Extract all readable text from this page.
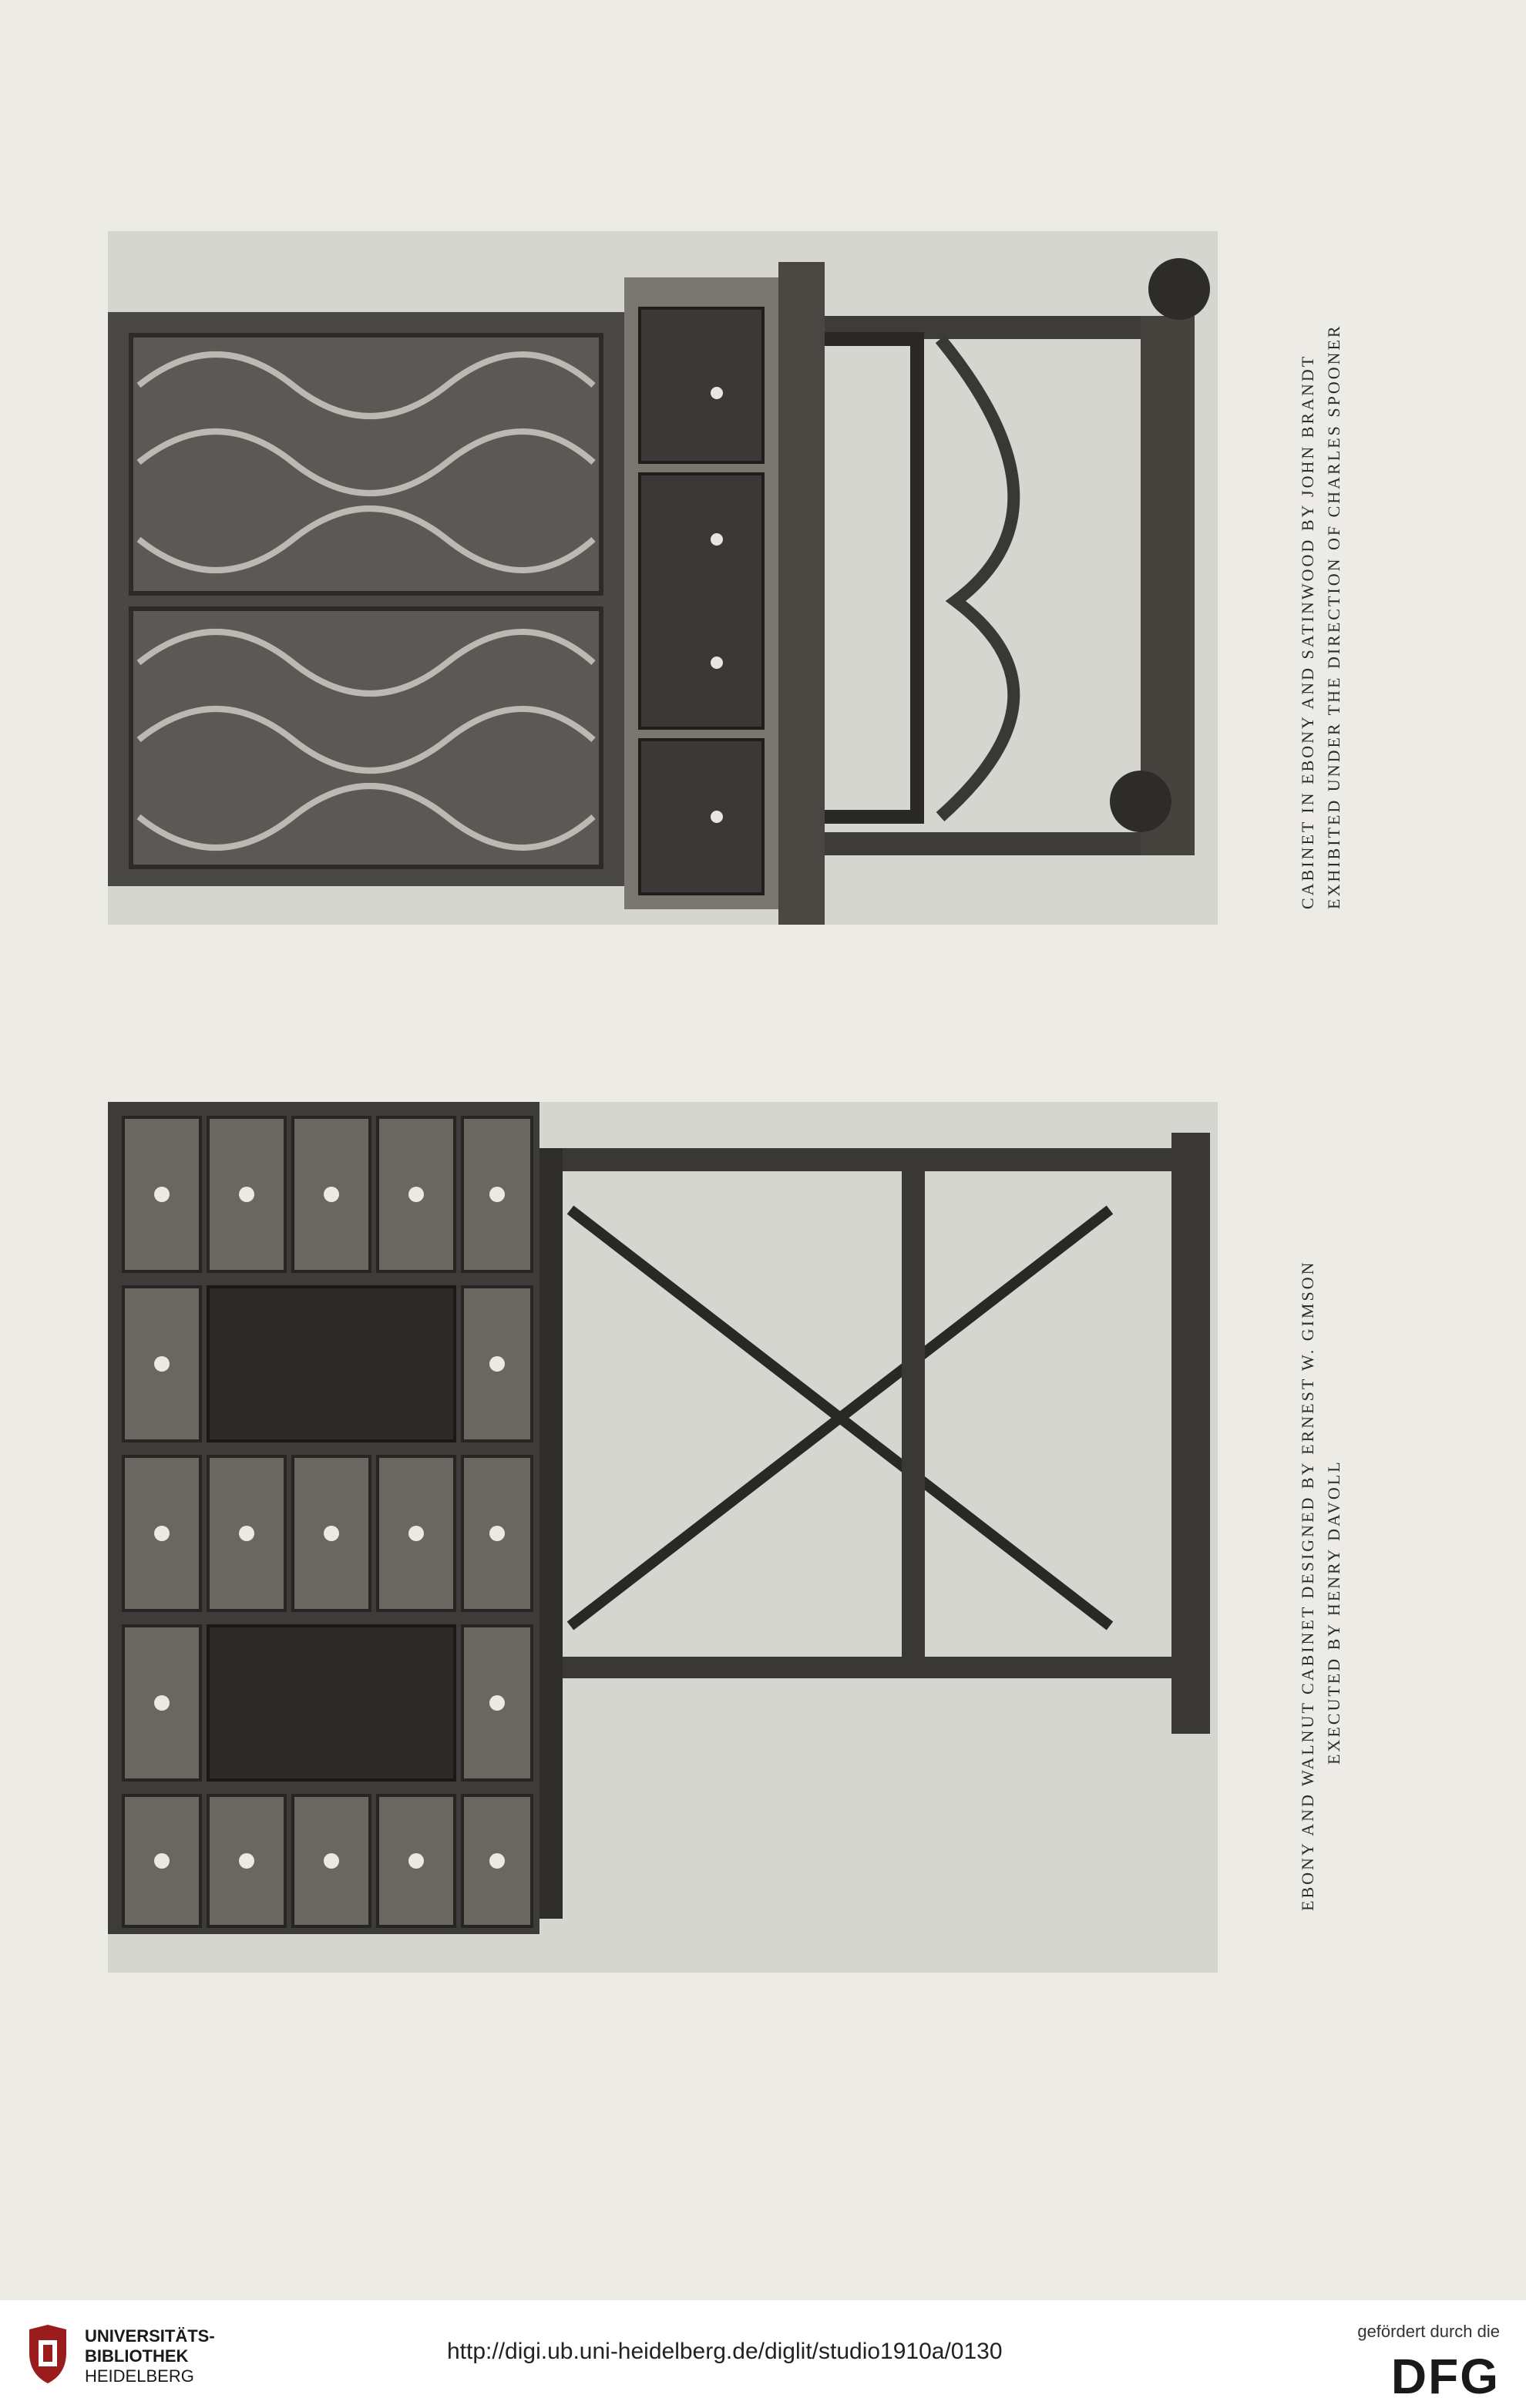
CABINET IN EBONY AND SATINWOOD BY JOHN BRANDT EXHIBITED UNDER THE DIRECTION OF CHARLES SPOONER
EBONY AND WALNUT CABINET DESIGNED BY ERNEST W. GIMSON EXECUTED BY HENRY DAVOLL
UNIVERSITÄTS-
BIBLIOTHEK
HEIDELBERG
http://digi.ub.uni-heidelberg.de/diglit/studio1910a/0130
gefördert durch die
DFG
